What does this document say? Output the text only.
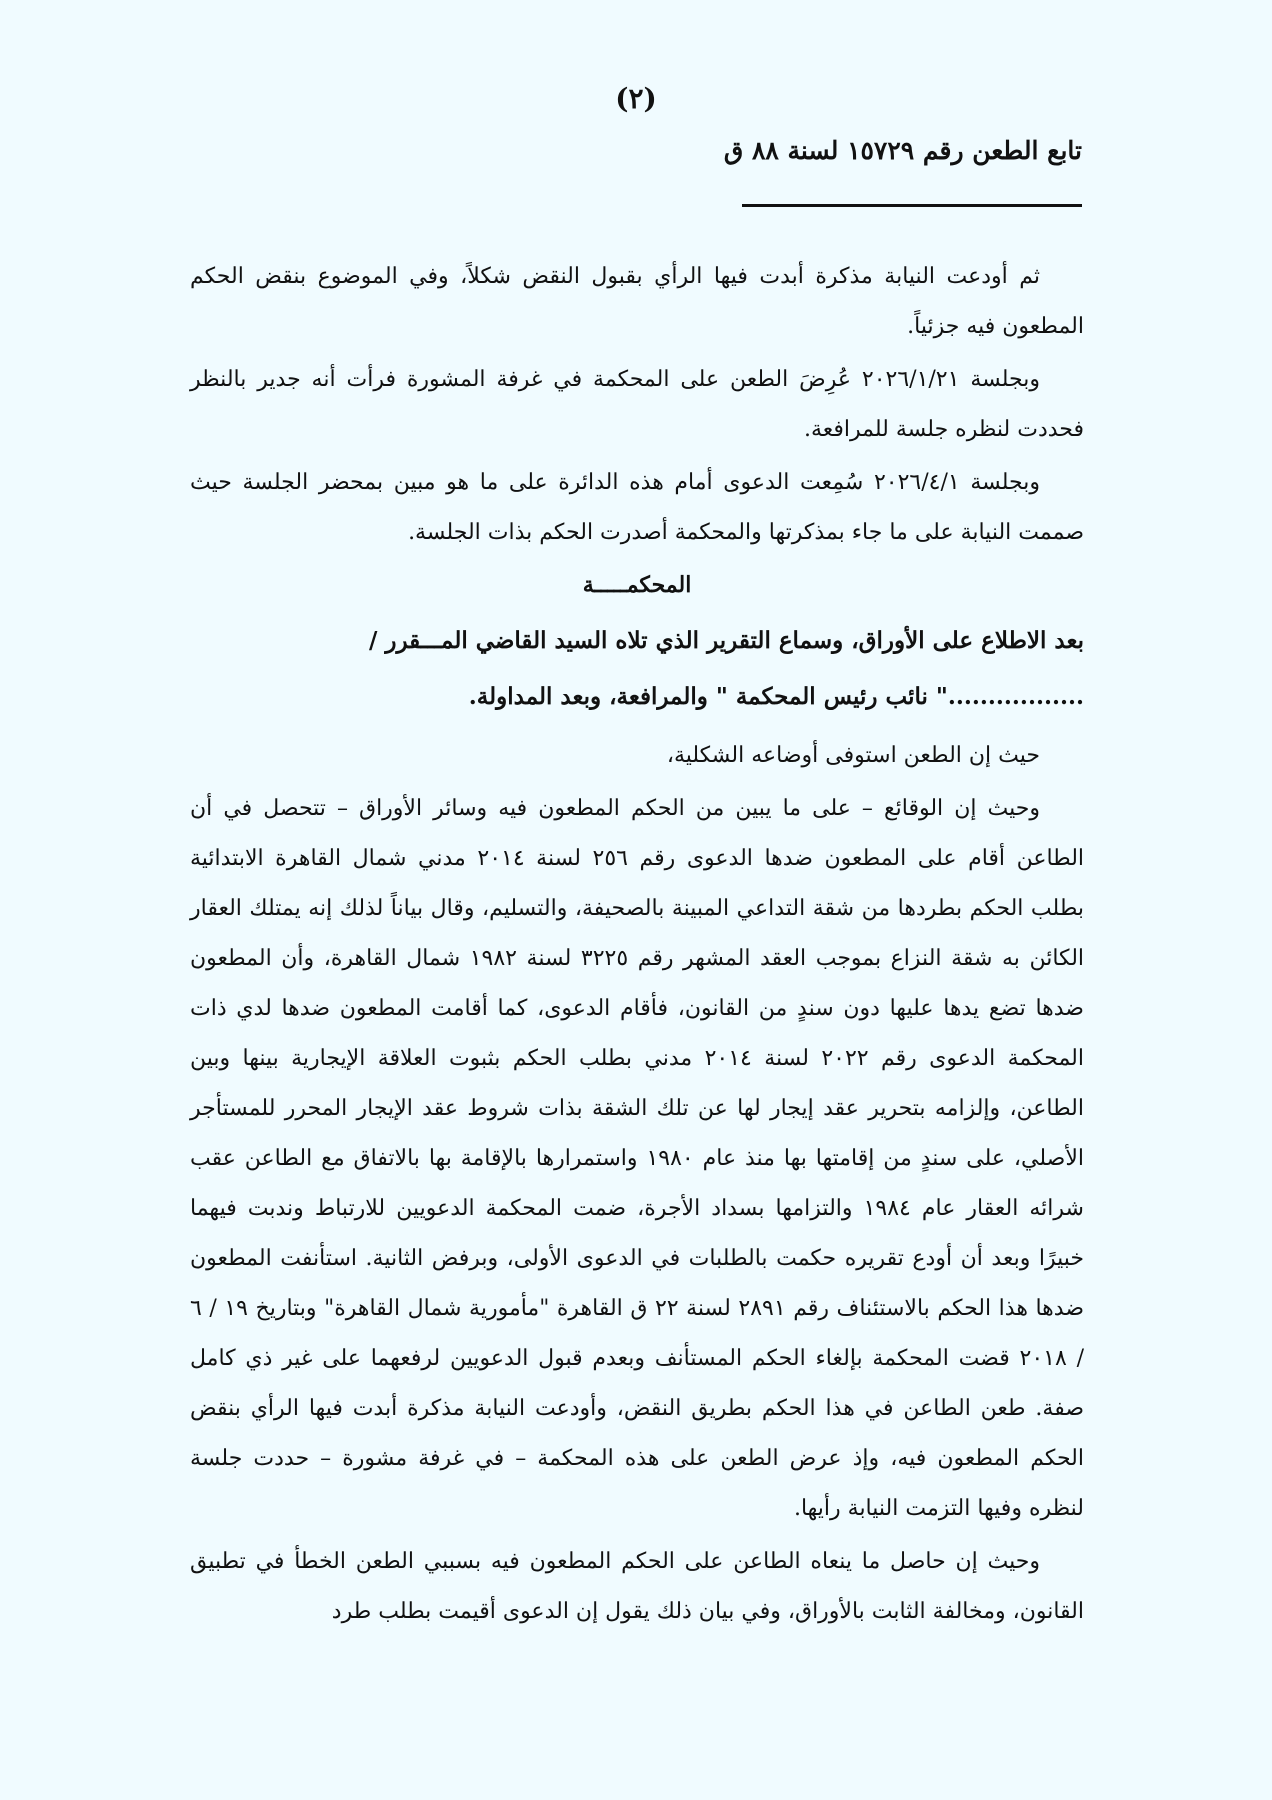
(٢)
تابع الطعن رقم ١٥٧٢٩ لسنة ٨٨ ق

ثم أودعت النيابة مذكرة أبدت فيها الرأي بقبول النقض شكلاً، وفي الموضوع بنقض الحكم المطعون فيه جزئياً.

وبجلسة ٢٠٢٦/١/٢١ عُرِضَ الطعن على المحكمة في غرفة المشورة فرأت أنه جدير بالنظر فحددت لنظره جلسة للمرافعة.

وبجلسة ٢٠٢٦/٤/١ سُمِعت الدعوى أمام هذه الدائرة على ما هو مبين بمحضر الجلسة حيث صممت النيابة على ما جاء بمذكرتها والمحكمة أصدرت الحكم بذات الجلسة.

المحكمـــــة
بعد الاطلاع على الأوراق، وسماع التقرير الذي تلاه السيد القاضي المـــقرر /
................." نائب رئيس المحكمة " والمرافعة، وبعد المداولة.

حيث إن الطعن استوفى أوضاعه الشكلية،

وحيث إن الوقائع – على ما يبين من الحكم المطعون فيه وسائر الأوراق – تتحصل في أن الطاعن أقام على المطعون ضدها الدعوى رقم ٢٥٦ لسنة ٢٠١٤ مدني شمال القاهرة الابتدائية بطلب الحكم بطردها من شقة التداعي المبينة بالصحيفة، والتسليم، وقال بياناً لذلك إنه يمتلك العقار الكائن به شقة النزاع بموجب العقد المشهر رقم ٣٢٢٥ لسنة ١٩٨٢ شمال القاهرة، وأن المطعون ضدها تضع يدها عليها دون سندٍ من القانون، فأقام الدعوى، كما أقامت المطعون ضدها لدي ذات المحكمة الدعوى رقم ٢٠٢٢ لسنة ٢٠١٤ مدني بطلب الحكم بثبوت العلاقة الإيجارية بينها وبين الطاعن، وإلزامه بتحرير عقد إيجار لها عن تلك الشقة بذات شروط عقد الإيجار المحرر للمستأجر الأصلي، على سندٍ من إقامتها بها منذ عام ١٩٨٠ واستمرارها بالإقامة بها بالاتفاق مع الطاعن عقب شرائه العقار عام ١٩٨٤ والتزامها بسداد الأجرة، ضمت المحكمة الدعويين للارتباط وندبت فيهما خبيرًا وبعد أن أودع تقريره حكمت بالطلبات في الدعوى الأولى، وبرفض الثانية. استأنفت المطعون ضدها هذا الحكم بالاستئناف رقم ٢٨٩١ لسنة ٢٢ ق القاهرة "مأمورية شمال القاهرة" وبتاريخ ١٩ / ٦ / ٢٠١٨ قضت المحكمة بإلغاء الحكم المستأنف وبعدم قبول الدعويين لرفعهما على غير ذي كامل صفة. طعن الطاعن في هذا الحكم بطريق النقض، وأودعت النيابة مذكرة أبدت فيها الرأي بنقض الحكم المطعون فيه، وإذ عرض الطعن على هذه المحكمة – في غرفة مشورة – حددت جلسة لنظره وفيها التزمت النيابة رأيها.

وحيث إن حاصل ما ينعاه الطاعن على الحكم المطعون فيه بسببي الطعن الخطأ في تطبيق القانون، ومخالفة الثابت بالأوراق، وفي بيان ذلك يقول إن الدعوى أقيمت بطلب طرد
